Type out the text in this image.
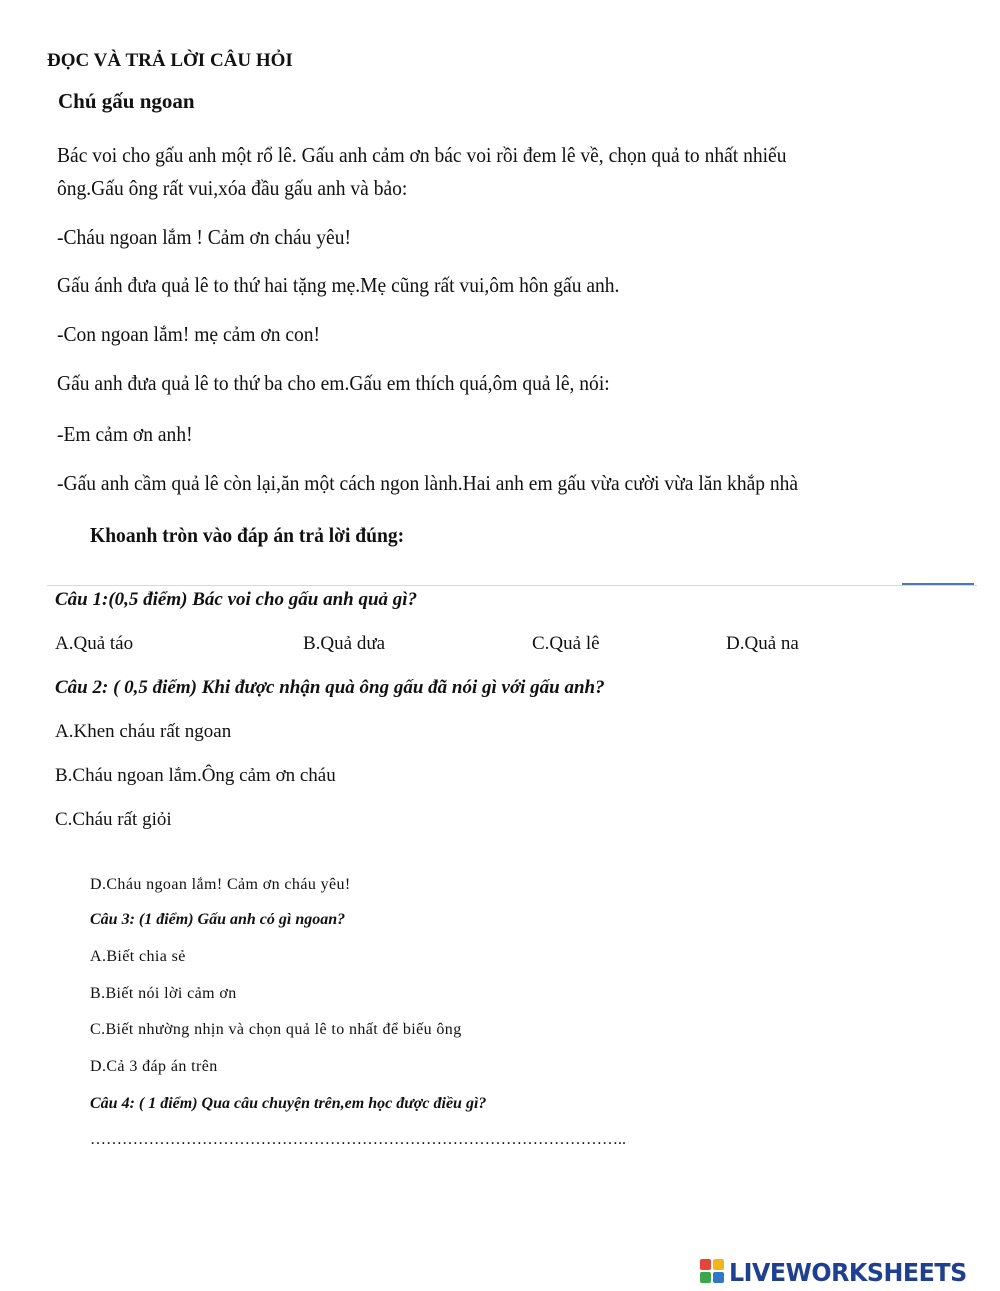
ĐỌC VÀ TRẢ LỜI CÂU HỎI
Chú gấu ngoan
Bác voi cho gấu anh một rổ lê. Gấu anh cảm ơn bác voi rồi đem lê về, chọn quả to nhất nhiếu
ông.Gấu ông rất vui,xóa đầu gấu anh và bảo:
-Cháu ngoan lắm ! Cảm ơn cháu yêu!
Gấu ánh đưa quả lê to thứ hai tặng mẹ.Mẹ cũng rất vui,ôm hôn gấu anh.
-Con ngoan lắm! mẹ cảm ơn con!
Gấu anh đưa quả lê to thứ ba cho em.Gấu em thích quá,ôm quả lê, nói:
-Em cảm ơn anh!
-Gấu anh cầm quả lê còn lại,ăn một cách ngon lành.Hai anh em gấu vừa cười vừa lăn khắp nhà
Khoanh tròn vào đáp án trả lời đúng:
Câu 1:(0,5 điểm) Bác voi cho gấu anh quả gì?
A.Quả táo	B.Quả dưa	C.Quả lê	D.Quả na
Câu 2: ( 0,5 điểm) Khi được nhận quà ông gấu đã nói gì với gấu anh?
A.Khen cháu rất ngoan
B.Cháu ngoan lắm.Ông cảm ơn cháu
C.Cháu rất giỏi
D.Cháu ngoan lắm! Cảm ơn cháu yêu!
Câu 3: (1 điểm) Gấu anh có gì ngoan?
A.Biết chia sẻ
B.Biết nói lời cảm ơn
C.Biết nhường nhịn và chọn quả lê to nhất để biếu ông
D.Cả 3 đáp án trên
Câu 4: ( 1 điểm) Qua câu chuyện trên,em học được điều gì?
………………………………………………………………………………………..
LIVEWORKSHEETS
